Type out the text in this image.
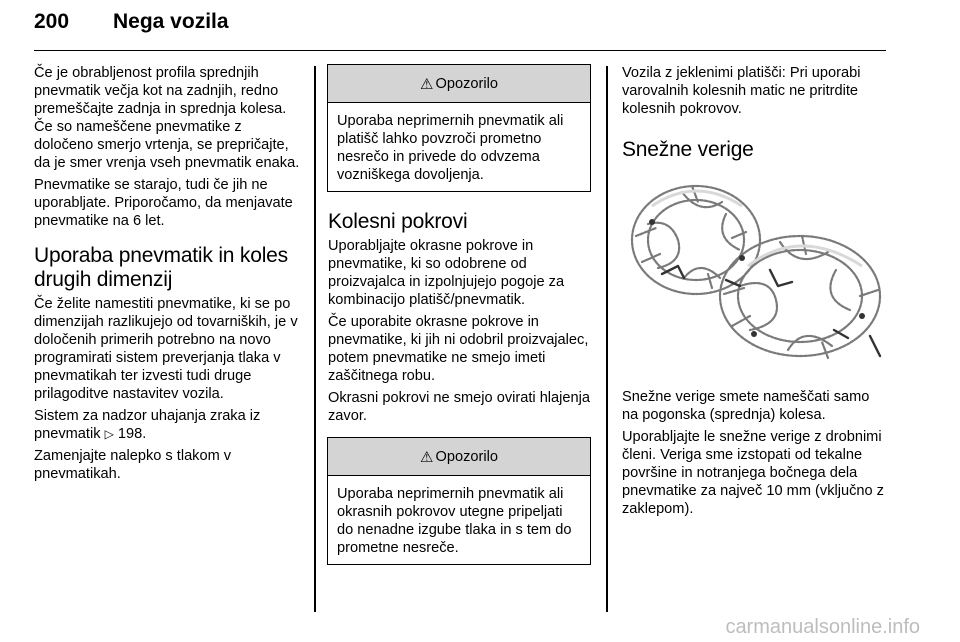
200 Nega vozila

Če je obrabljenost profila sprednjih pnevmatik večja kot na zadnjih, redno premeščajte zadnja in sprednja kolesa. Če so nameščene pnevmatike z določeno smerjo vrtenja, se prepričajte, da je smer vrenja vseh pnevmatik enaka.

Pnevmatike se starajo, tudi če jih ne uporabljate. Priporočamo, da menjavate pnevmatike na 6 let.

Uporaba pnevmatik in koles drugih dimenzij

Če želite namestiti pnevmatike, ki se po dimenzijah razlikujejo od tovarniških, je v določenih primerih potrebno na novo programirati sistem preverjanja tlaka v pnevmatikah ter izvesti tudi druge prilagoditve nastavitev vozila.

Sistem za nadzor uhajanja zraka iz pnevmatik ▷ 198.

Zamenjajte nalepko s tlakom v pnevmatikah.

⚠ Opozorilo

Uporaba neprimernih pnevmatik ali platišč lahko povzroči prometno nesrečo in privede do odvzema vozniškega dovoljenja.

Kolesni pokrovi

Uporabljajte okrasne pokrove in pnevmatike, ki so odobrene od proizvajalca in izpolnjujejo pogoje za kombinacijo platišč/pnevmatik.

Če uporabite okrasne pokrove in pnevmatike, ki jih ni odobril proizvajalec, potem pnevmatike ne smejo imeti zaščitnega robu.

Okrasni pokrovi ne smejo ovirati hlajenja zavor.

⚠ Opozorilo

Uporaba neprimernih pnevmatik ali okrasnih pokrovov utegne pripeljati do nenadne izgube tlaka in s tem do prometne nesreče.

Vozila z jeklenimi platišči: Pri uporabi varovalnih kolesnih matic ne pritrdite kolesnih pokrovov.

Snežne verige

Snežne verige smete nameščati samo na pogonska (sprednja) kolesa.

Uporabljajte le snežne verige z drobnimi členi. Veriga sme izstopati od tekalne površine in notranjega bočnega dela pnevmatike za največ 10 mm (vključno z zaklepom).

carmanualsonline.info
